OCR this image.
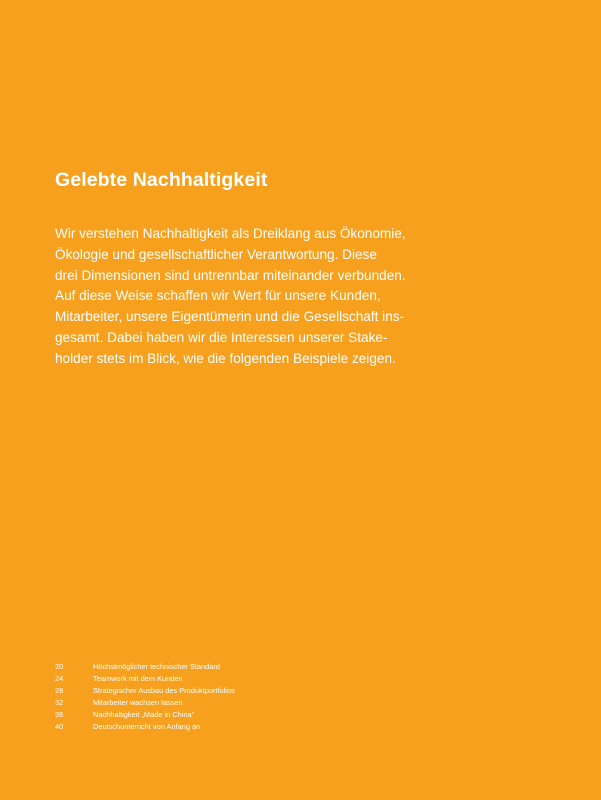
Gelebte Nachhaltigkeit

Wir verstehen Nachhaltigkeit als Dreiklang aus Ökonomie,
Ökologie und gesellschaftlicher Verantwortung. Diese
drei Dimensionen sind untrennbar miteinander verbunden.
Auf diese Weise schaffen wir Wert für unsere Kunden,
Mitarbeiter, unsere Eigentümerin und die Gesellschaft ins-
gesamt. Dabei haben wir die Interessen unserer Stake-
holder stets im Blick, wie die folgenden Beispiele zeigen.

20	Höchstmöglicher technischer Standard
24	Teamwork mit dem Kunden
28	Strategischer Ausbau des Produktportfolios
32	Mitarbeiter wachsen lassen
36	Nachhaltigkeit „Made in China“
40	Deutschunterricht von Anfang an
